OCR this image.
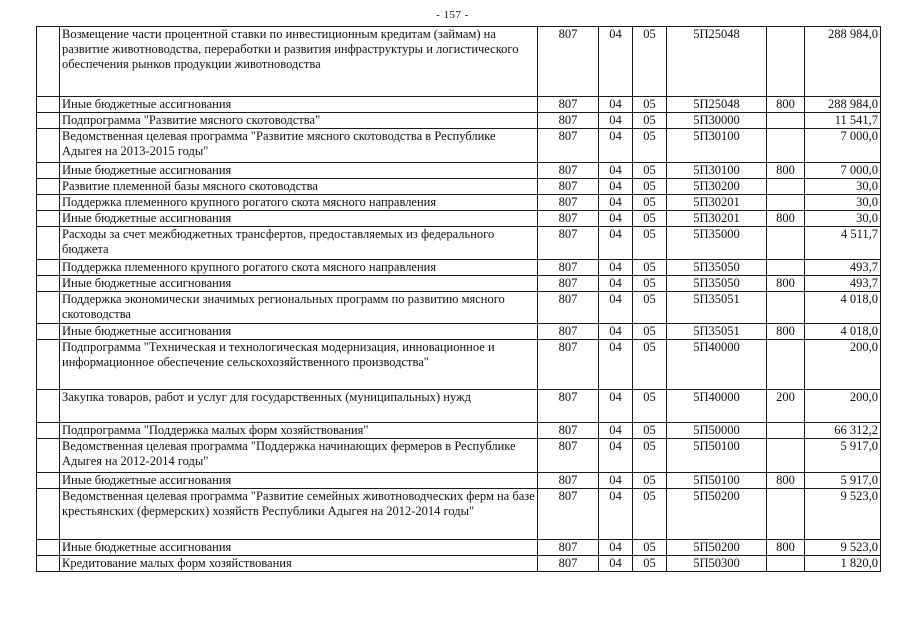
- 157 -
	Возмещение части процентной ставки по инвестиционным кредитам (займам) на развитие животноводства, переработки и развития инфраструктуры и логистического обеспечения рынков продукции животноводства	807	04	05	5П25048		288 984,0
	Иные бюджетные ассигнования	807	04	05	5П25048	800	288 984,0
	Подпрограмма "Развитие мясного скотоводства"	807	04	05	5П30000		11 541,7
	Ведомственная целевая программа "Развитие мясного скотоводства в Республике Адыгея на 2013-2015 годы"	807	04	05	5П30100		7 000,0
	Иные бюджетные ассигнования	807	04	05	5П30100	800	7 000,0
	Развитие племенной базы мясного скотоводства	807	04	05	5П30200		30,0
	Поддержка племенного крупного рогатого скота мясного направления	807	04	05	5П30201		30,0
	Иные бюджетные ассигнования	807	04	05	5П30201	800	30,0
	Расходы за счет межбюджетных трансфертов, предоставляемых из федерального бюджета	807	04	05	5П35000		4 511,7
	Поддержка племенного крупного рогатого скота мясного направления	807	04	05	5П35050		493,7
	Иные бюджетные ассигнования	807	04	05	5П35050	800	493,7
	Поддержка экономически значимых региональных программ по развитию мясного скотоводства	807	04	05	5П35051		4 018,0
	Иные бюджетные ассигнования	807	04	05	5П35051	800	4 018,0
	Подпрограмма "Техническая и технологическая модернизация, инновационное и информационное обеспечение сельскохозяйственного производства"	807	04	05	5П40000		200,0
	Закупка товаров, работ и услуг для государственных (муниципальных) нужд	807	04	05	5П40000	200	200,0
	Подпрограмма "Поддержка малых форм хозяйствования"	807	04	05	5П50000		66 312,2
	Ведомственная целевая программа "Поддержка начинающих фермеров в Республике Адыгея на 2012-2014 годы"	807	04	05	5П50100		5 917,0
	Иные бюджетные ассигнования	807	04	05	5П50100	800	5 917,0
	Ведомственная целевая программа "Развитие семейных животноводческих ферм на базе крестьянских (фермерских) хозяйств Республики Адыгея на 2012-2014 годы"	807	04	05	5П50200		9 523,0
	Иные бюджетные ассигнования	807	04	05	5П50200	800	9 523,0
	Кредитование малых форм хозяйствования	807	04	05	5П50300		1 820,0
